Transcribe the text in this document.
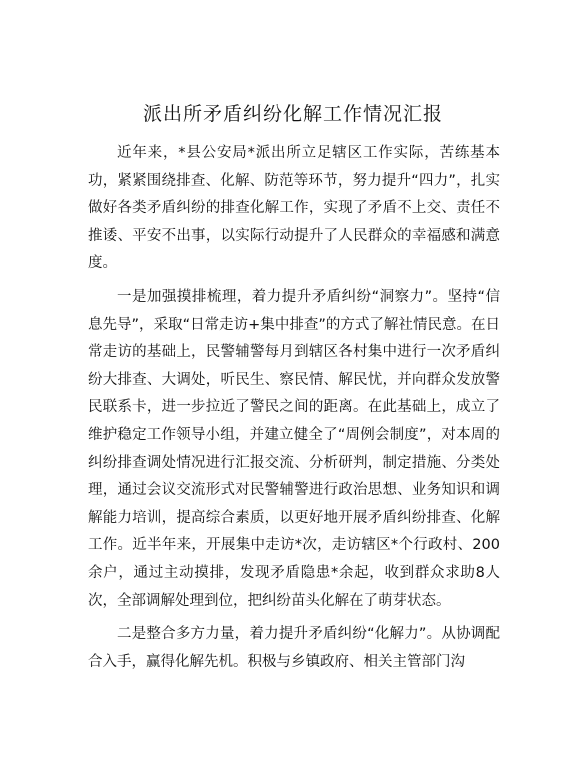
派出所矛盾纠纷化解工作情况汇报

近年来，*县公安局*派出所立足辖区工作实际，苦练基本功，紧紧围绕排查、化解、防范等环节，努力提升“四力”，扎实做好各类矛盾纠纷的排查化解工作，实现了矛盾不上交、责任不推诿、平安不出事，以实际行动提升了人民群众的幸福感和满意度。

一是加强摸排梳理，着力提升矛盾纠纷“洞察力”。坚持“信息先导”，采取“日常走访+集中排查”的方式了解社情民意。在日常走访的基础上，民警辅警每月到辖区各村集中进行一次矛盾纠纷大排查、大调处，听民生、察民情、解民忧，并向群众发放警民联系卡，进一步拉近了警民之间的距离。在此基础上，成立了维护稳定工作领导小组，并建立健全了“周例会制度”，对本周的纠纷排查调处情况进行汇报交流、分析研判，制定措施、分类处理，通过会议交流形式对民警辅警进行政治思想、业务知识和调解能力培训，提高综合素质，以更好地开展矛盾纠纷排查、化解工作。近半年来，开展集中走访*次，走访辖区*个行政村、200余户，通过主动摸排，发现矛盾隐患*余起，收到群众求助8人次，全部调解处理到位，把纠纷苗头化解在了萌芽状态。

二是整合多方力量，着力提升矛盾纠纷“化解力”。从协调配合入手，赢得化解先机。积极与乡镇政府、相关主管部门沟
